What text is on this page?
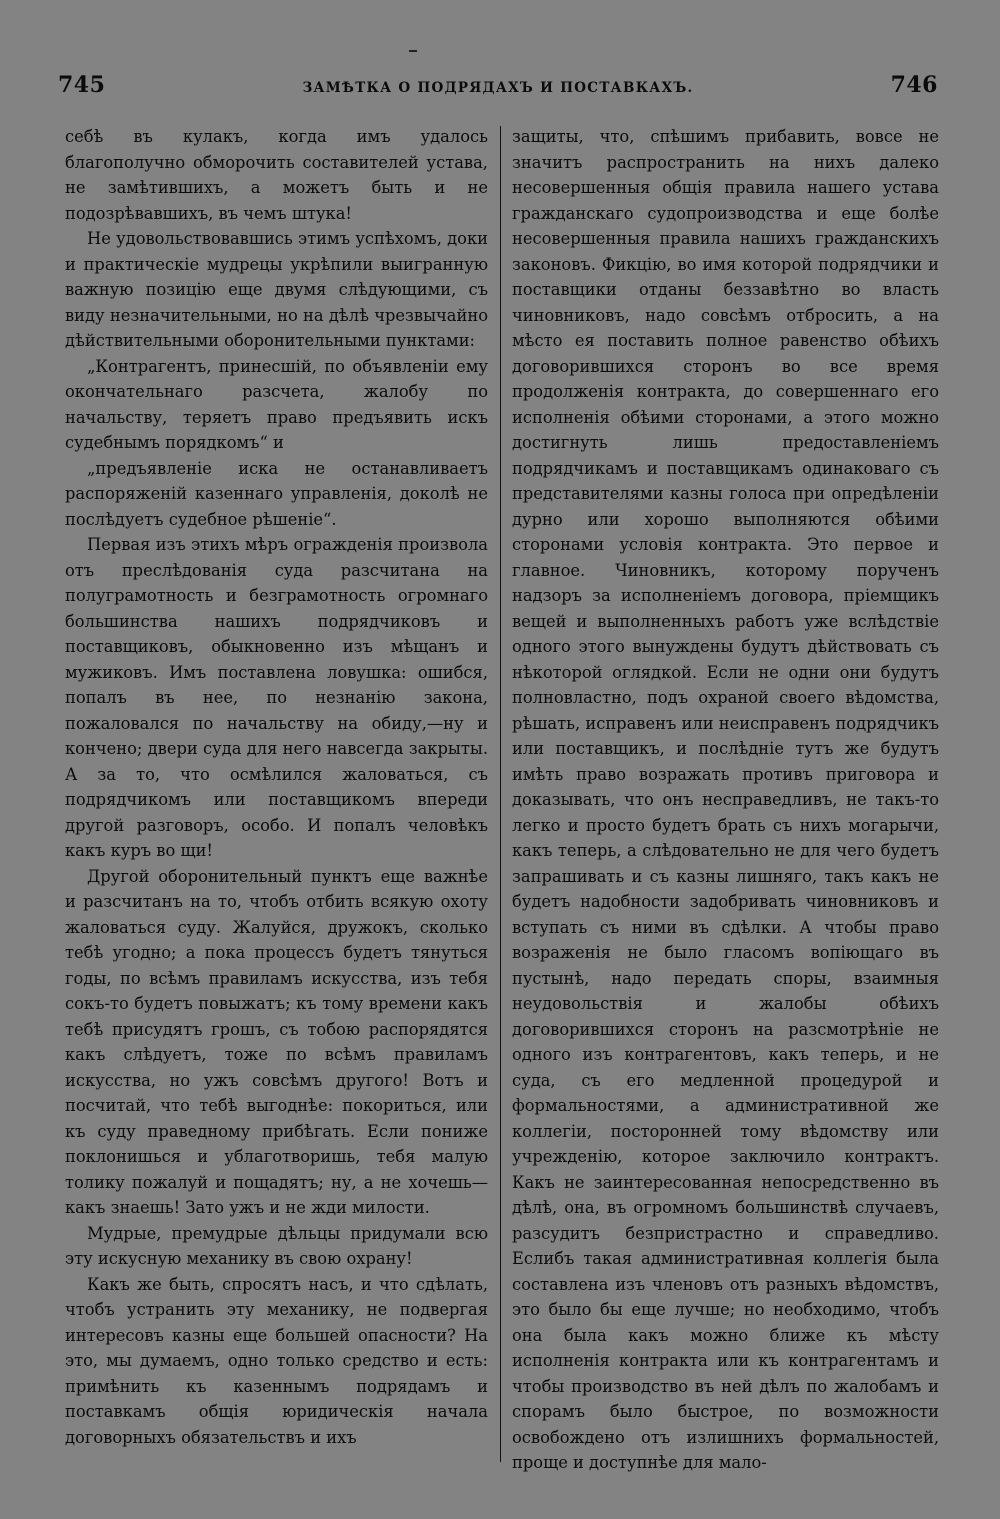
745	ЗАМѢТКА О ПОДРЯДАХЪ И ПОСТАВКАХЪ.	746

себѣ въ кулакъ, когда имъ удалось благополучно обморочить составителей устава, не замѣтившихъ, а можетъ быть и не подозрѣвавшихъ, въ чемъ штука!

Не удовольствовавшись этимъ успѣхомъ, доки и практическіе мудрецы укрѣпили выигранную важную позицію еще двумя слѣдующими, съ виду незначительными, но на дѣлѣ чрезвычайно дѣйствительными оборонительными пунктами:

„Контрагентъ, принесшій, по объявленіи ему окончательнаго разсчета, жалобу по начальству, теряетъ право предъявить искъ судебнымъ порядкомъ“ и

„предъявленіе иска не останавливаетъ распоряженій казеннаго управленія, доколѣ не послѣдуетъ судебное рѣшеніе“.

Первая изъ этихъ мѣръ огражденія произвола отъ преслѣдованія суда разсчитана на полуграмотность и безграмотность огромнаго большинства нашихъ подрядчиковъ и поставщиковъ, обыкновенно изъ мѣщанъ и мужиковъ. Имъ поставлена ловушка: ошибся, попалъ въ нее, по незнанію закона, пожаловался по начальству на обиду,—ну и кончено; двери суда для него навсегда закрыты. А за то, что осмѣлился жаловаться, съ подрядчикомъ или поставщикомъ впереди другой разговоръ, особо. И попалъ человѣкъ какъ куръ во щи!

Другой оборонительный пунктъ еще важнѣе и разсчитанъ на то, чтобъ отбить всякую охоту жаловаться суду. Жалуйся, дружокъ, сколько тебѣ угодно; а пока процессъ будетъ тянуться годы, по всѣмъ правиламъ искусства, изъ тебя сокъ-то будетъ повыжатъ; къ тому времени какъ тебѣ присудятъ грошъ, съ тобою распорядятся какъ слѣдуетъ, тоже по всѣмъ правиламъ искусства, но ужъ совсѣмъ другого! Вотъ и посчитай, что тебѣ выгоднѣе: покориться, или къ суду праведному прибѣгать. Если пониже поклонишься и ублаготворишь, тебя малую толику пожалуй и пощадятъ; ну, а не хочешь—какъ знаешь! Зато ужъ и не жди милости.

Мудрые, премудрые дѣльцы придумали всю эту искусную механику въ свою охрану!

Какъ же быть, спросятъ насъ, и что сдѣлать, чтобъ устранить эту механику, не подвергая интересовъ казны еще большей опасности? На это, мы думаемъ, одно только средство и есть: примѣнить къ казеннымъ подрядамъ и поставкамъ общія юридическія начала договорныхъ обязательствъ и ихъ

защиты, что, спѣшимъ прибавить, вовсе не значитъ распространить на нихъ далеко несовершенныя общія правила нашего устава гражданскаго судопроизводства и еще болѣе несовершенныя правила нашихъ гражданскихъ законовъ. Фикцію, во имя которой подрядчики и поставщики отданы беззавѣтно во власть чиновниковъ, надо совсѣмъ отбросить, а на мѣсто ея поставить полное равенство обѣихъ договорившихся сторонъ во все время продолженія контракта, до совершеннаго его исполненія обѣими сторонами, а этого можно достигнуть лишь предоставленіемъ подрядчикамъ и поставщикамъ одинаковаго съ представителями казны голоса при опредѣленіи дурно или хорошо выполняются обѣими сторонами условія контракта. Это первое и главное. Чиновникъ, которому порученъ надзоръ за исполненіемъ договора, пріемщикъ вещей и выполненныхъ работъ уже вслѣдствіе одного этого вынуждены будутъ дѣйствовать съ нѣкоторой оглядкой. Если не одни они будутъ полновластно, подъ охраной своего вѣдомства, рѣшать, исправенъ или неисправенъ подрядчикъ или поставщикъ, и послѣдніе тутъ же будутъ имѣть право возражать противъ приговора и доказывать, что онъ несправедливъ, не такъ-то легко и просто будетъ брать съ нихъ могарычи, какъ теперь, а слѣдовательно не для чего будетъ запрашивать и съ казны лишняго, такъ какъ не будетъ надобности задобривать чиновниковъ и вступать съ ними въ сдѣлки. А чтобы право возраженія не было гласомъ вопіющаго въ пустынѣ, надо передать споры, взаимныя неудовольствія и жалобы обѣихъ договорившихся сторонъ на разсмотрѣніе не одного изъ контрагентовъ, какъ теперь, и не суда, съ его медленной процедурой и формальностями, а административной же коллегіи, посторонней тому вѣдомству или учрежденію, которое заключило контрактъ. Какъ не заинтересованная непосредственно въ дѣлѣ, она, въ огромномъ большинствѣ случаевъ, разсудитъ безпристрастно и справедливо. Еслибъ такая административная коллегія была составлена изъ членовъ отъ разныхъ вѣдомствъ, это было бы еще лучше; но необходимо, чтобъ она была какъ можно ближе къ мѣсту исполненія контракта или къ контрагентамъ и чтобы производство въ ней дѣлъ по жалобамъ и спорамъ было быстрое, по возможности освобождено отъ излишнихъ формальностей, проще и доступнѣе для мало-
